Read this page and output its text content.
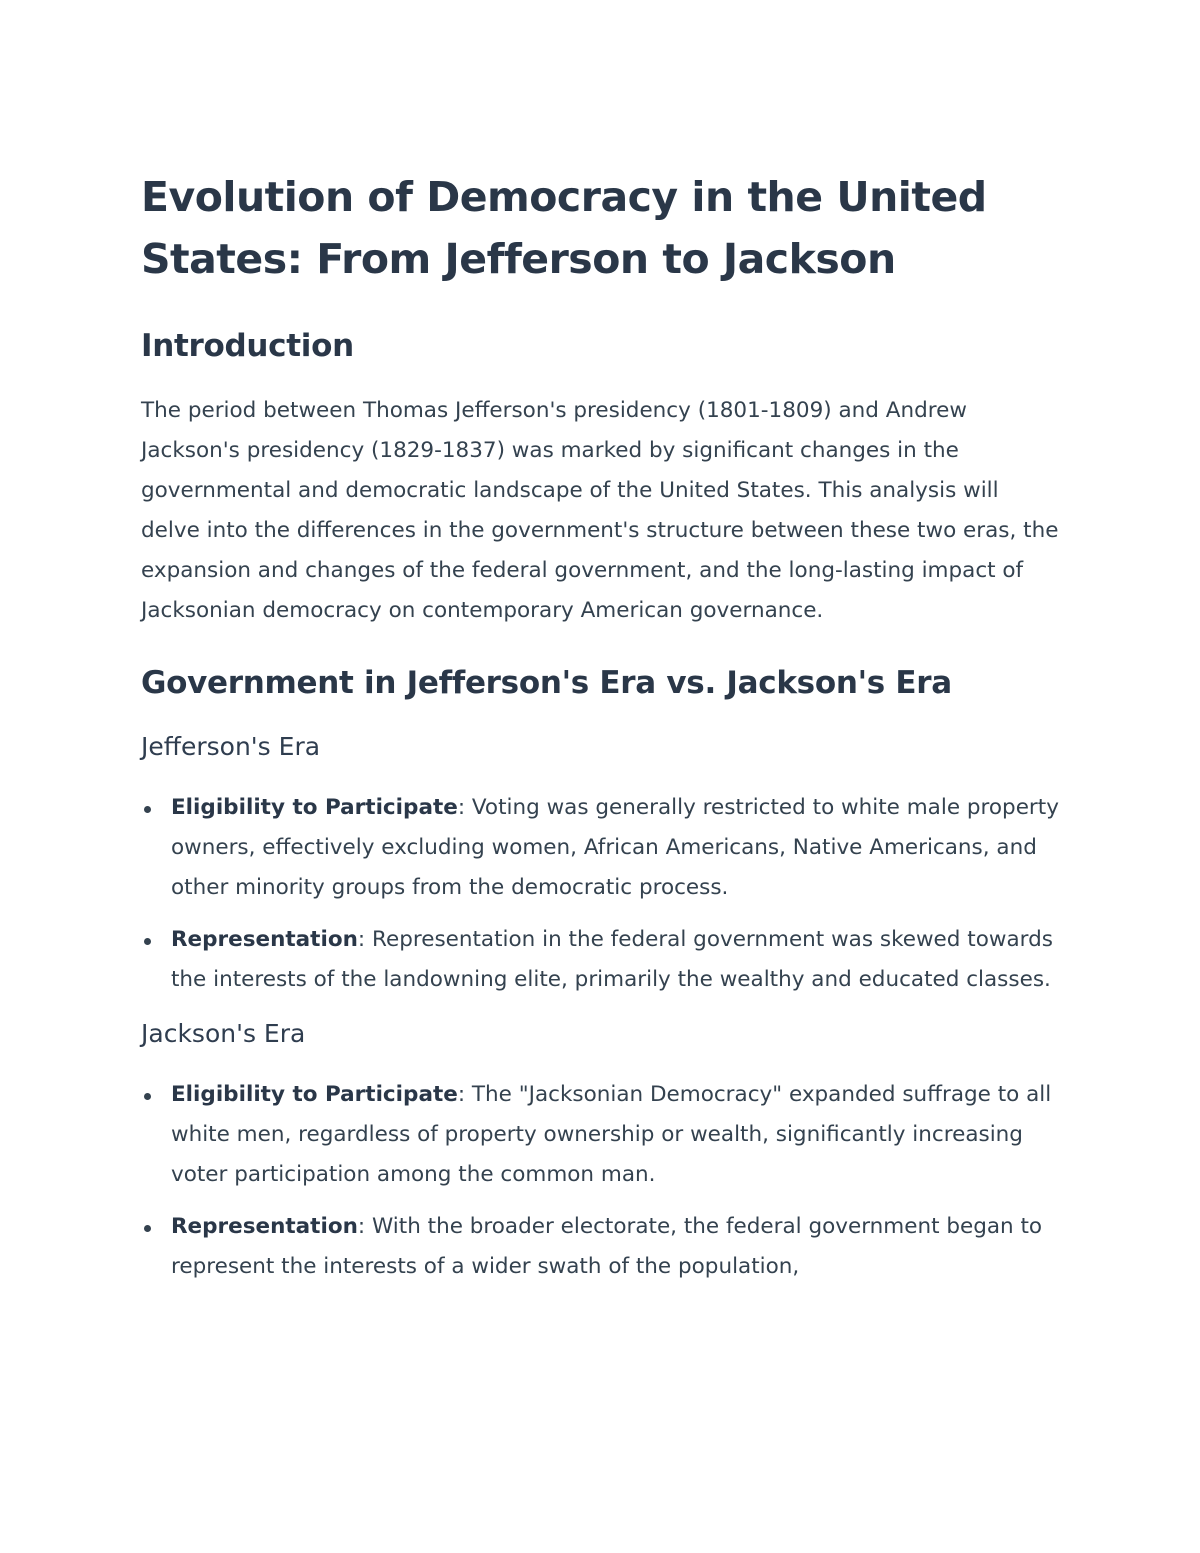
Evolution of Democracy in the United States: From Jefferson to Jackson
Introduction

The period between Thomas Jefferson's presidency (1801-1809) and Andrew Jackson's presidency (1829-1837) was marked by significant changes in the governmental and democratic landscape of the United States. This analysis will delve into the differences in the government's structure between these two eras, the expansion and changes of the federal government, and the long-lasting impact of Jacksonian democracy on contemporary American governance.

Government in Jefferson's Era vs. Jackson's Era
Jefferson's Era
Eligibility to Participate: Voting was generally restricted to white male property owners, effectively excluding women, African Americans, Native Americans, and other minority groups from the democratic process.
Representation: Representation in the federal government was skewed towards the interests of the landowning elite, primarily the wealthy and educated classes.
Jackson's Era
Eligibility to Participate: The "Jacksonian Democracy" expanded suffrage to all white men, regardless of property ownership or wealth, significantly increasing voter participation among the common man.
Representation: With the broader electorate, the federal government began to represent the interests of a wider swath of the population,
